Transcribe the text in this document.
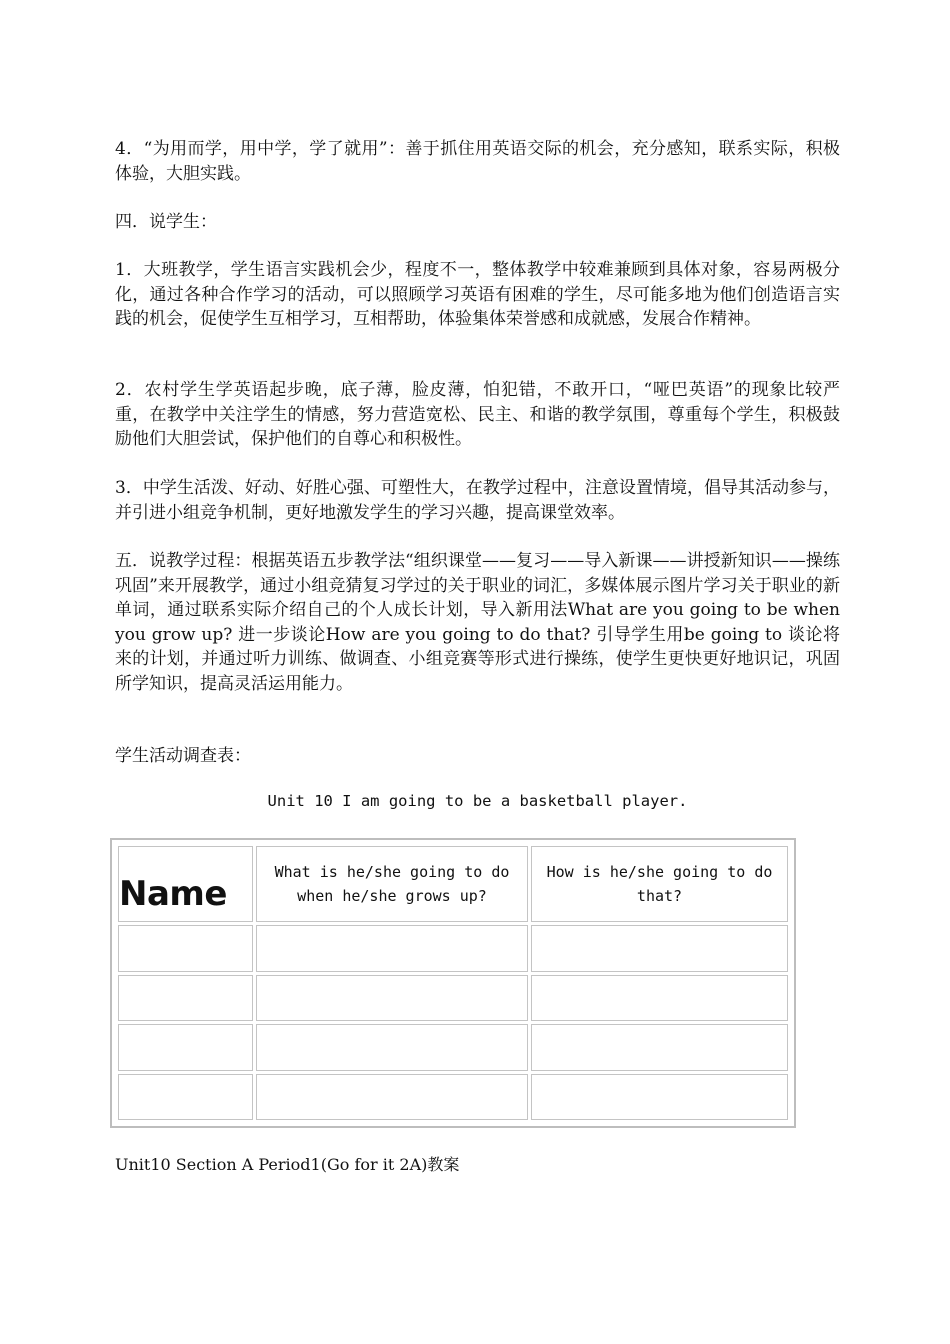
4．“为用而学，用中学，学了就用”：善于抓住用英语交际的机会，充分感知，联系实际，积极体验，大胆实践。

四．说学生：

1．大班教学，学生语言实践机会少，程度不一，整体教学中较难兼顾到具体对象，容易两极分化，通过各种合作学习的活动，可以照顾学习英语有困难的学生，尽可能多地为他们创造语言实践的机会，促使学生互相学习，互相帮助，体验集体荣誉感和成就感，发展合作精神。

2．农村学生学英语起步晚，底子薄，脸皮薄，怕犯错，不敢开口，“哑巴英语”的现象比较严重，在教学中关注学生的情感，努力营造宽松、民主、和谐的教学氛围，尊重每个学生，积极鼓励他们大胆尝试，保护他们的自尊心和积极性。

3．中学生活泼、好动、好胜心强、可塑性大，在教学过程中，注意设置情境，倡导其活动参与，并引进小组竞争机制，更好地激发学生的学习兴趣，提高课堂效率。

五．说教学过程：根据英语五步教学法“组织课堂——复习——导入新课——讲授新知识——操练巩固”来开展教学，通过小组竞猜复习学过的关于职业的词汇，多媒体展示图片学习关于职业的新单词，通过联系实际介绍自己的个人成长计划，导入新用法What are you going to be when you grow up? 进一步谈论How are you going to do that? 引导学生用be going to 谈论将来的计划，并通过听力训练、做调查、小组竞赛等形式进行操练，使学生更快更好地识记，巩固所学知识，提高灵活运用能力。

学生活动调查表：

Unit 10 I am going to be a basketball player.
Name	What is he/she going to do when he/she grows up?	How is he/she going to do that?

Unit10 Section A Period1(Go for it 2A)教案
